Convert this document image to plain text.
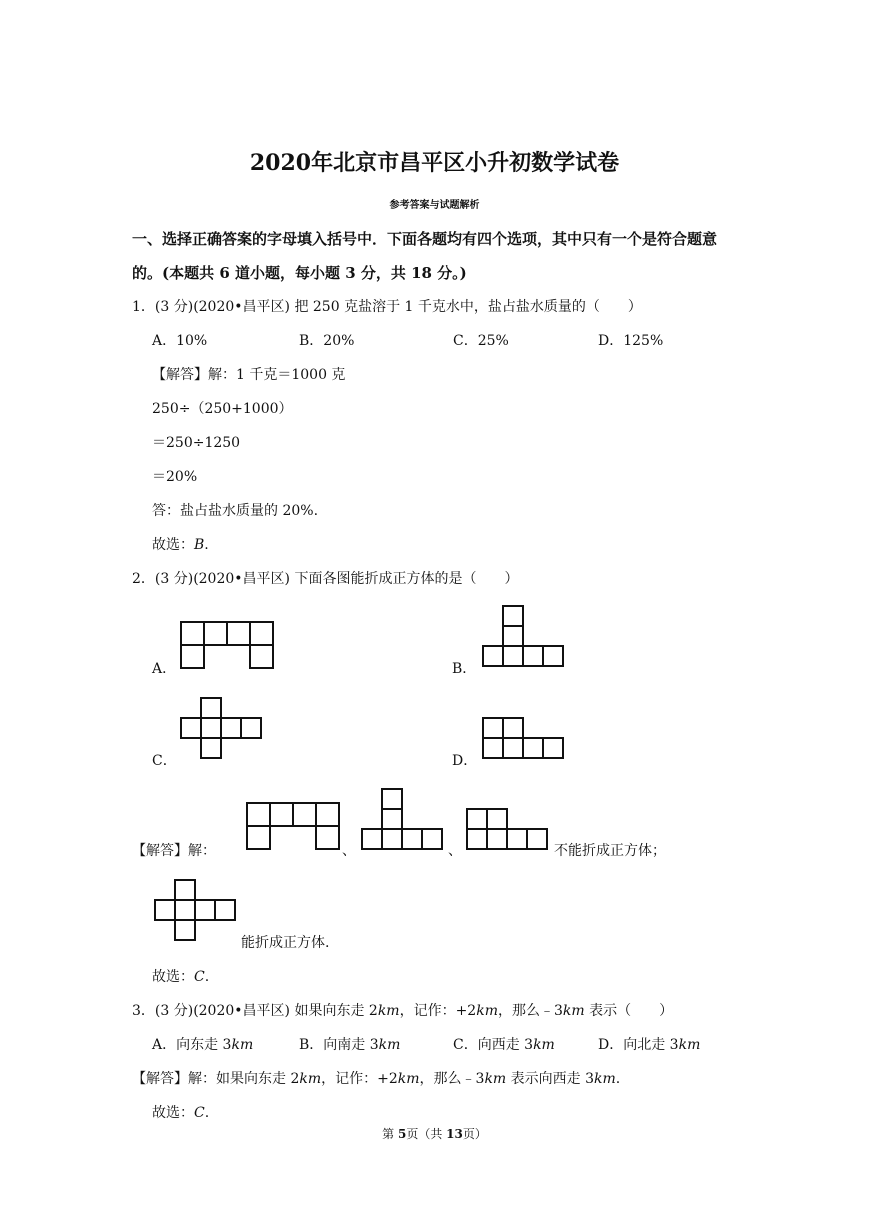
2020年北京市昌平区小升初数学试卷
参考答案与试题解析
一、选择正确答案的字母填入括号中．下面各题均有四个选项，其中只有一个是符合题意
的。(本题共 6 道小题，每小题 3 分，共 18 分。)
1．(3 分)(2020•昌平区) 把 250 克盐溶于 1 千克水中，盐占盐水质量的（　　）
A．10%	B．20%	C．25%	D．125%
【解答】解：1 千克＝1000 克
250÷（250+1000）
＝250÷1250
＝20%
答：盐占盐水质量的 20%.
故选：B.
2．(3 分)(2020•昌平区) 下面各图能折成正方体的是（　　）
A．	B．
C．	D．
【解答】解：	、	、	不能折成正方体；
能折成正方体.
故选：C.
3．(3 分)(2020•昌平区) 如果向东走 2km，记作：+2km，那么﹣3km 表示（　　）
A．向东走 3km	B．向南走 3km	C．向西走 3km	D．向北走 3km
【解答】解：如果向东走 2km，记作：+2km，那么﹣3km 表示向西走 3km.
故选：C.
第 5页（共 13页）
